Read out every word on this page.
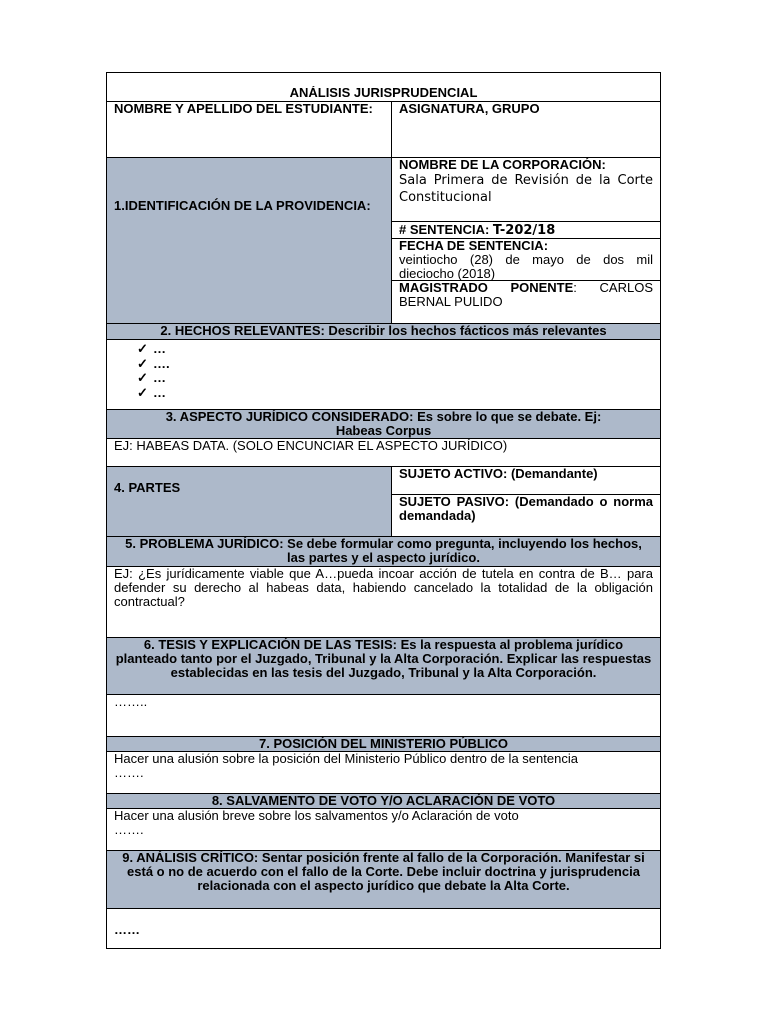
ANÁLISIS JURISPRUDENCIAL
NOMBRE Y APELLIDO DEL ESTUDIANTE:	ASIGNATURA, GRUPO
1.IDENTIFICACIÓN DE LA PROVIDENCIA:
NOMBRE DE LA CORPORACIÓN:
Sala Primera de Revisión de la Corte Constitucional
# SENTENCIA: T-202/18
FECHA DE SENTENCIA:
veintiocho (28) de mayo de dos mil dieciocho (2018)
MAGISTRADO PONENTE: CARLOS BERNAL PULIDO
2. HECHOS RELEVANTES: Describir los hechos fácticos más relevantes
✓ …
✓ ….
✓ …
✓ …
3. ASPECTO JURÍDICO CONSIDERADO: Es sobre lo que se debate. Ej: Habeas Corpus
EJ: HABEAS DATA. (SOLO ENCUNCIAR EL ASPECTO JURÍDICO)
4. PARTES
SUJETO ACTIVO: (Demandante)
SUJETO PASIVO: (Demandado o norma demandada)
5. PROBLEMA JURÍDICO: Se debe formular como pregunta, incluyendo los hechos, las partes y el aspecto jurídico.
EJ: ¿Es jurídicamente viable que A…pueda incoar acción de tutela en contra de B… para defender su derecho al habeas data, habiendo cancelado la totalidad de la obligación contractual?
6. TESIS Y EXPLICACIÓN DE LAS TESIS: Es la respuesta al problema jurídico planteado tanto por el Juzgado, Tribunal y la Alta Corporación. Explicar las respuestas establecidas en las tesis del Juzgado, Tribunal y la Alta Corporación.
……..
7. POSICIÓN DEL MINISTERIO PÚBLICO
Hacer una alusión sobre la posición del Ministerio Público dentro de la sentencia
…….
8. SALVAMENTO DE VOTO Y/O ACLARACIÓN DE VOTO
Hacer una alusión breve sobre los salvamentos y/o Aclaración de voto
…….
9. ANÁLISIS CRÍTICO: Sentar posición frente al fallo de la Corporación. Manifestar si está o no de acuerdo con el fallo de la Corte. Debe incluir doctrina y jurisprudencia relacionada con el aspecto jurídico que debate la Alta Corte.
……
